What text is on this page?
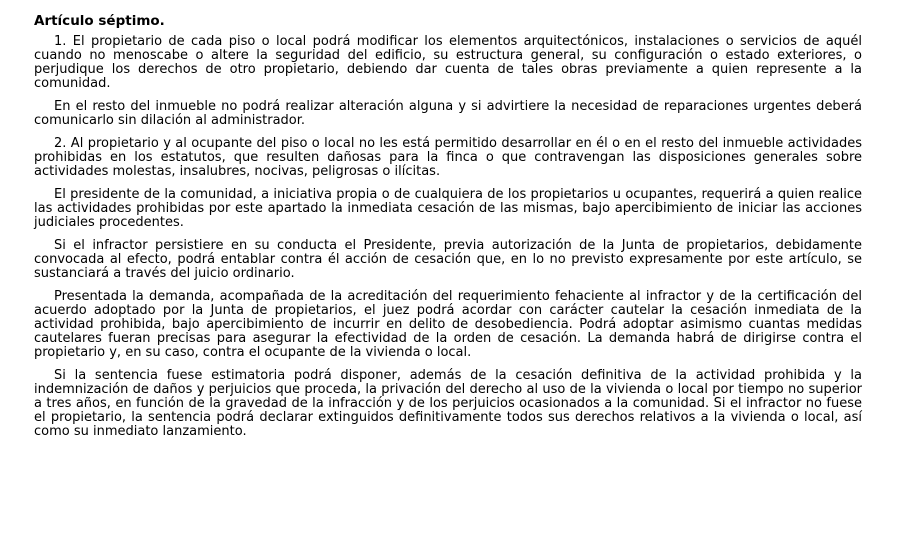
Artículo séptimo.

1. El propietario de cada piso o local podrá modificar los elementos arquitectónicos, instalaciones o servicios de aquél cuando no menoscabe o altere la seguridad del edificio, su estructura general, su configuración o estado exteriores, o perjudique los derechos de otro propietario, debiendo dar cuenta de tales obras previamente a quien represente a la comunidad.

En el resto del inmueble no podrá realizar alteración alguna y si advirtiere la necesidad de reparaciones urgentes deberá comunicarlo sin dilación al administrador.

2. Al propietario y al ocupante del piso o local no les está permitido desarrollar en él o en el resto del inmueble actividades prohibidas en los estatutos, que resulten dañosas para la finca o que contravengan las disposiciones generales sobre actividades molestas, insalubres, nocivas, peligrosas o ilícitas.

El presidente de la comunidad, a iniciativa propia o de cualquiera de los propietarios u ocupantes, requerirá a quien realice las actividades prohibidas por este apartado la inmediata cesación de las mismas, bajo apercibimiento de iniciar las acciones judiciales procedentes.

Si el infractor persistiere en su conducta el Presidente, previa autorización de la Junta de propietarios, debidamente convocada al efecto, podrá entablar contra él acción de cesación que, en lo no previsto expresamente por este artículo, se sustanciará a través del juicio ordinario.

Presentada la demanda, acompañada de la acreditación del requerimiento fehaciente al infractor y de la certificación del acuerdo adoptado por la Junta de propietarios, el juez podrá acordar con carácter cautelar la cesación inmediata de la actividad prohibida, bajo apercibimiento de incurrir en delito de desobediencia. Podrá adoptar asimismo cuantas medidas cautelares fueran precisas para asegurar la efectividad de la orden de cesación. La demanda habrá de dirigirse contra el propietario y, en su caso, contra el ocupante de la vivienda o local.

Si la sentencia fuese estimatoria podrá disponer, además de la cesación definitiva de la actividad prohibida y la indemnización de daños y perjuicios que proceda, la privación del derecho al uso de la vivienda o local por tiempo no superior a tres años, en función de la gravedad de la infracción y de los perjuicios ocasionados a la comunidad. Si el infractor no fuese el propietario, la sentencia podrá declarar extinguidos definitivamente todos sus derechos relativos a la vivienda o local, así como su inmediato lanzamiento.
